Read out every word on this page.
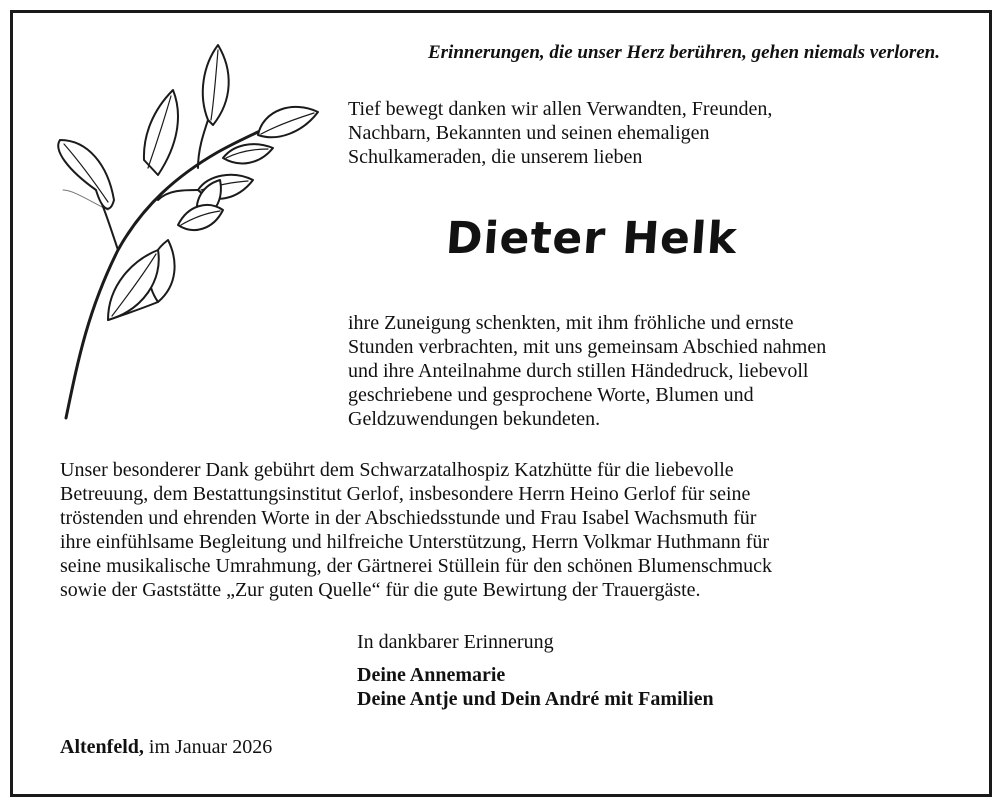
Erinnerungen, die unser Herz berühren, gehen niemals verloren.

Tief bewegt danken wir allen Verwandten, Freunden,
Nachbarn, Bekannten und seinen ehemaligen
Schulkameraden, die unserem lieben

Dieter Helk

ihre Zuneigung schenkten, mit ihm fröhliche und ernste
Stunden verbrachten, mit uns gemeinsam Abschied nahmen
und ihre Anteilnahme durch stillen Händedruck, liebevoll
geschriebene und gesprochene Worte, Blumen und
Geldzuwendungen bekundeten.

Unser besonderer Dank gebührt dem Schwarzatalhospiz Katzhütte für die liebevolle
Betreuung, dem Bestattungsinstitut Gerlof, insbesondere Herrn Heino Gerlof für seine
tröstenden und ehrenden Worte in der Abschiedsstunde und Frau Isabel Wachsmuth für
ihre einfühlsame Begleitung und hilfreiche Unterstützung, Herrn Volkmar Huthmann für
seine musikalische Umrahmung, der Gärtnerei Stüllein für den schönen Blumenschmuck
sowie der Gaststätte „Zur guten Quelle“ für die gute Bewirtung der Trauergäste.

In dankbarer Erinnerung
Deine Annemarie
Deine Antje und Dein André mit Familien
Altenfeld, im Januar 2026
